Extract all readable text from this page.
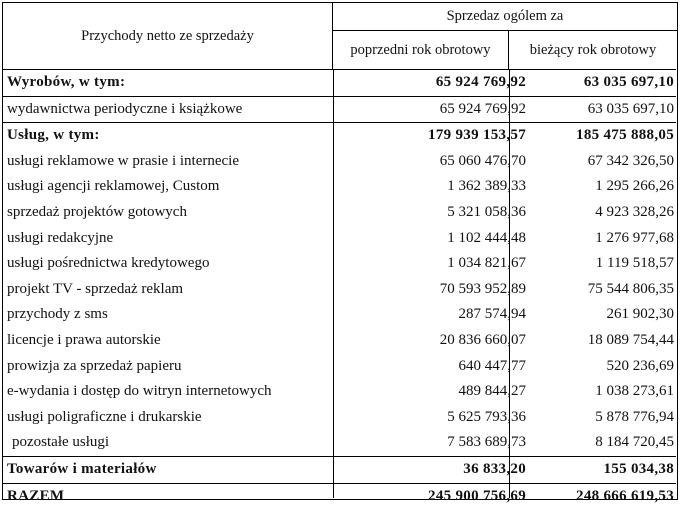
Przychody netto ze sprzedaży
Sprzedaz ogólem za
poprzedni rok obrotowy	bieżący rok obrotowy
Wyrobów, w tym:	65 924 769,92	63 035 697,10
wydawnictwa periodyczne i książkowe	65 924 769,92	63 035 697,10
Usług, w tym:	179 939 153,57	185 475 888,05
usługi reklamowe w prasie i internecie	65 060 476,70	67 342 326,50
usługi agencji reklamowej, Custom	1 362 389,33	1 295 266,26
sprzedaż projektów gotowych	5 321 058,36	4 923 328,26
usługi redakcyjne	1 102 444,48	1 276 977,68
usługi pośrednictwa kredytowego	1 034 821,67	1 119 518,57
projekt TV - sprzedaż reklam	70 593 952,89	75 544 806,35
przychody z sms	287 574,94	261 902,30
licencje i prawa autorskie	20 836 660,07	18 089 754,44
prowizja za sprzedaż papieru	640 447,77	520 236,69
e-wydania i dostęp do witryn internetowych	489 844,27	1 038 273,61
usługi poligraficzne i drukarskie	5 625 793,36	5 878 776,94
pozostałe usługi	7 583 689,73	8 184 720,45
Towarów i materiałów	36 833,20	155 034,38
RAZEM	245 900 756,69	248 666 619,53
